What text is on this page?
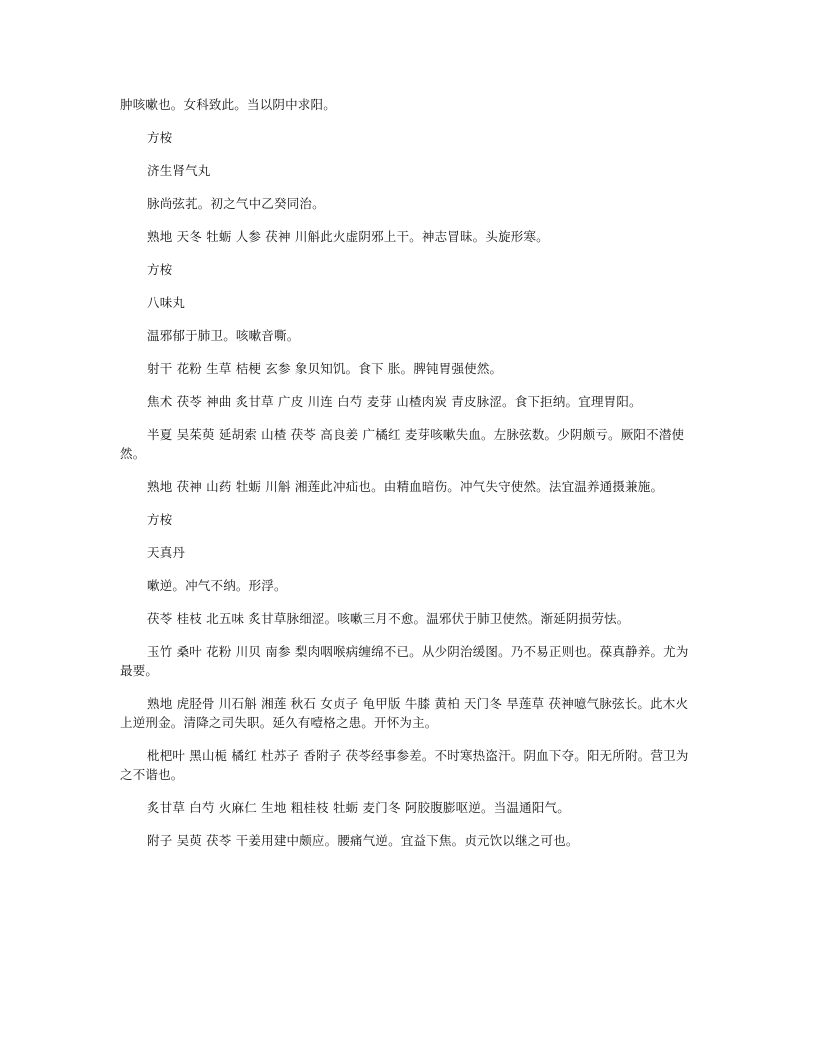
肿咳嗽也。女科致此。当以阴中求阳。

方桉

济生肾气丸

脉尚弦芤。初之气中乙癸同治。

熟地 天冬 牡蛎 人参 茯神 川斛此火虚阴邪上干。神志冒昧。头旋形寒。

方桉

八味丸

温邪郁于肺卫。咳嗽音嘶。

射干 花粉 生草 桔梗 玄参 象贝知饥。食下 胀。脾钝胃强使然。

焦术 茯苓 神曲 炙甘草 广皮 川连 白芍 麦芽 山楂肉炭 青皮脉涩。食下拒纳。宜理胃阳。

半夏 吴茱萸 延胡索 山楂 茯苓 高良姜 广橘红 麦芽咳嗽失血。左脉弦数。少阴颇亏。厥阳不潜使然。

熟地 茯神 山药 牡蛎 川斛 湘莲此冲疝也。由精血暗伤。冲气失守使然。法宜温养通摄兼施。

方桉

天真丹

嗽逆。冲气不纳。形浮。

茯苓 桂枝 北五味 炙甘草脉细涩。咳嗽三月不愈。温邪伏于肺卫使然。渐延阴损劳怯。

玉竹 桑叶 花粉 川贝 南参 梨肉咽喉病缠绵不已。从少阴治缓图。乃不易正则也。葆真静养。尤为最要。

熟地 虎胫骨 川石斛 湘莲 秋石 女贞子 龟甲版 牛膝 黄柏 天门冬 旱莲草 茯神噫气脉弦长。此木火上逆刑金。清降之司失职。延久有噎格之患。开怀为主。

枇杷叶 黑山栀 橘红 杜苏子 香附子 茯苓经事参差。不时寒热盗汗。阴血下夺。阳无所附。营卫为之不谐也。

炙甘草 白芍 火麻仁 生地 粗桂枝 牡蛎 麦门冬 阿胶腹膨呕逆。当温通阳气。

附子 吴萸 茯苓 干姜用建中颇应。腰痛气逆。宜益下焦。贞元饮以继之可也。
